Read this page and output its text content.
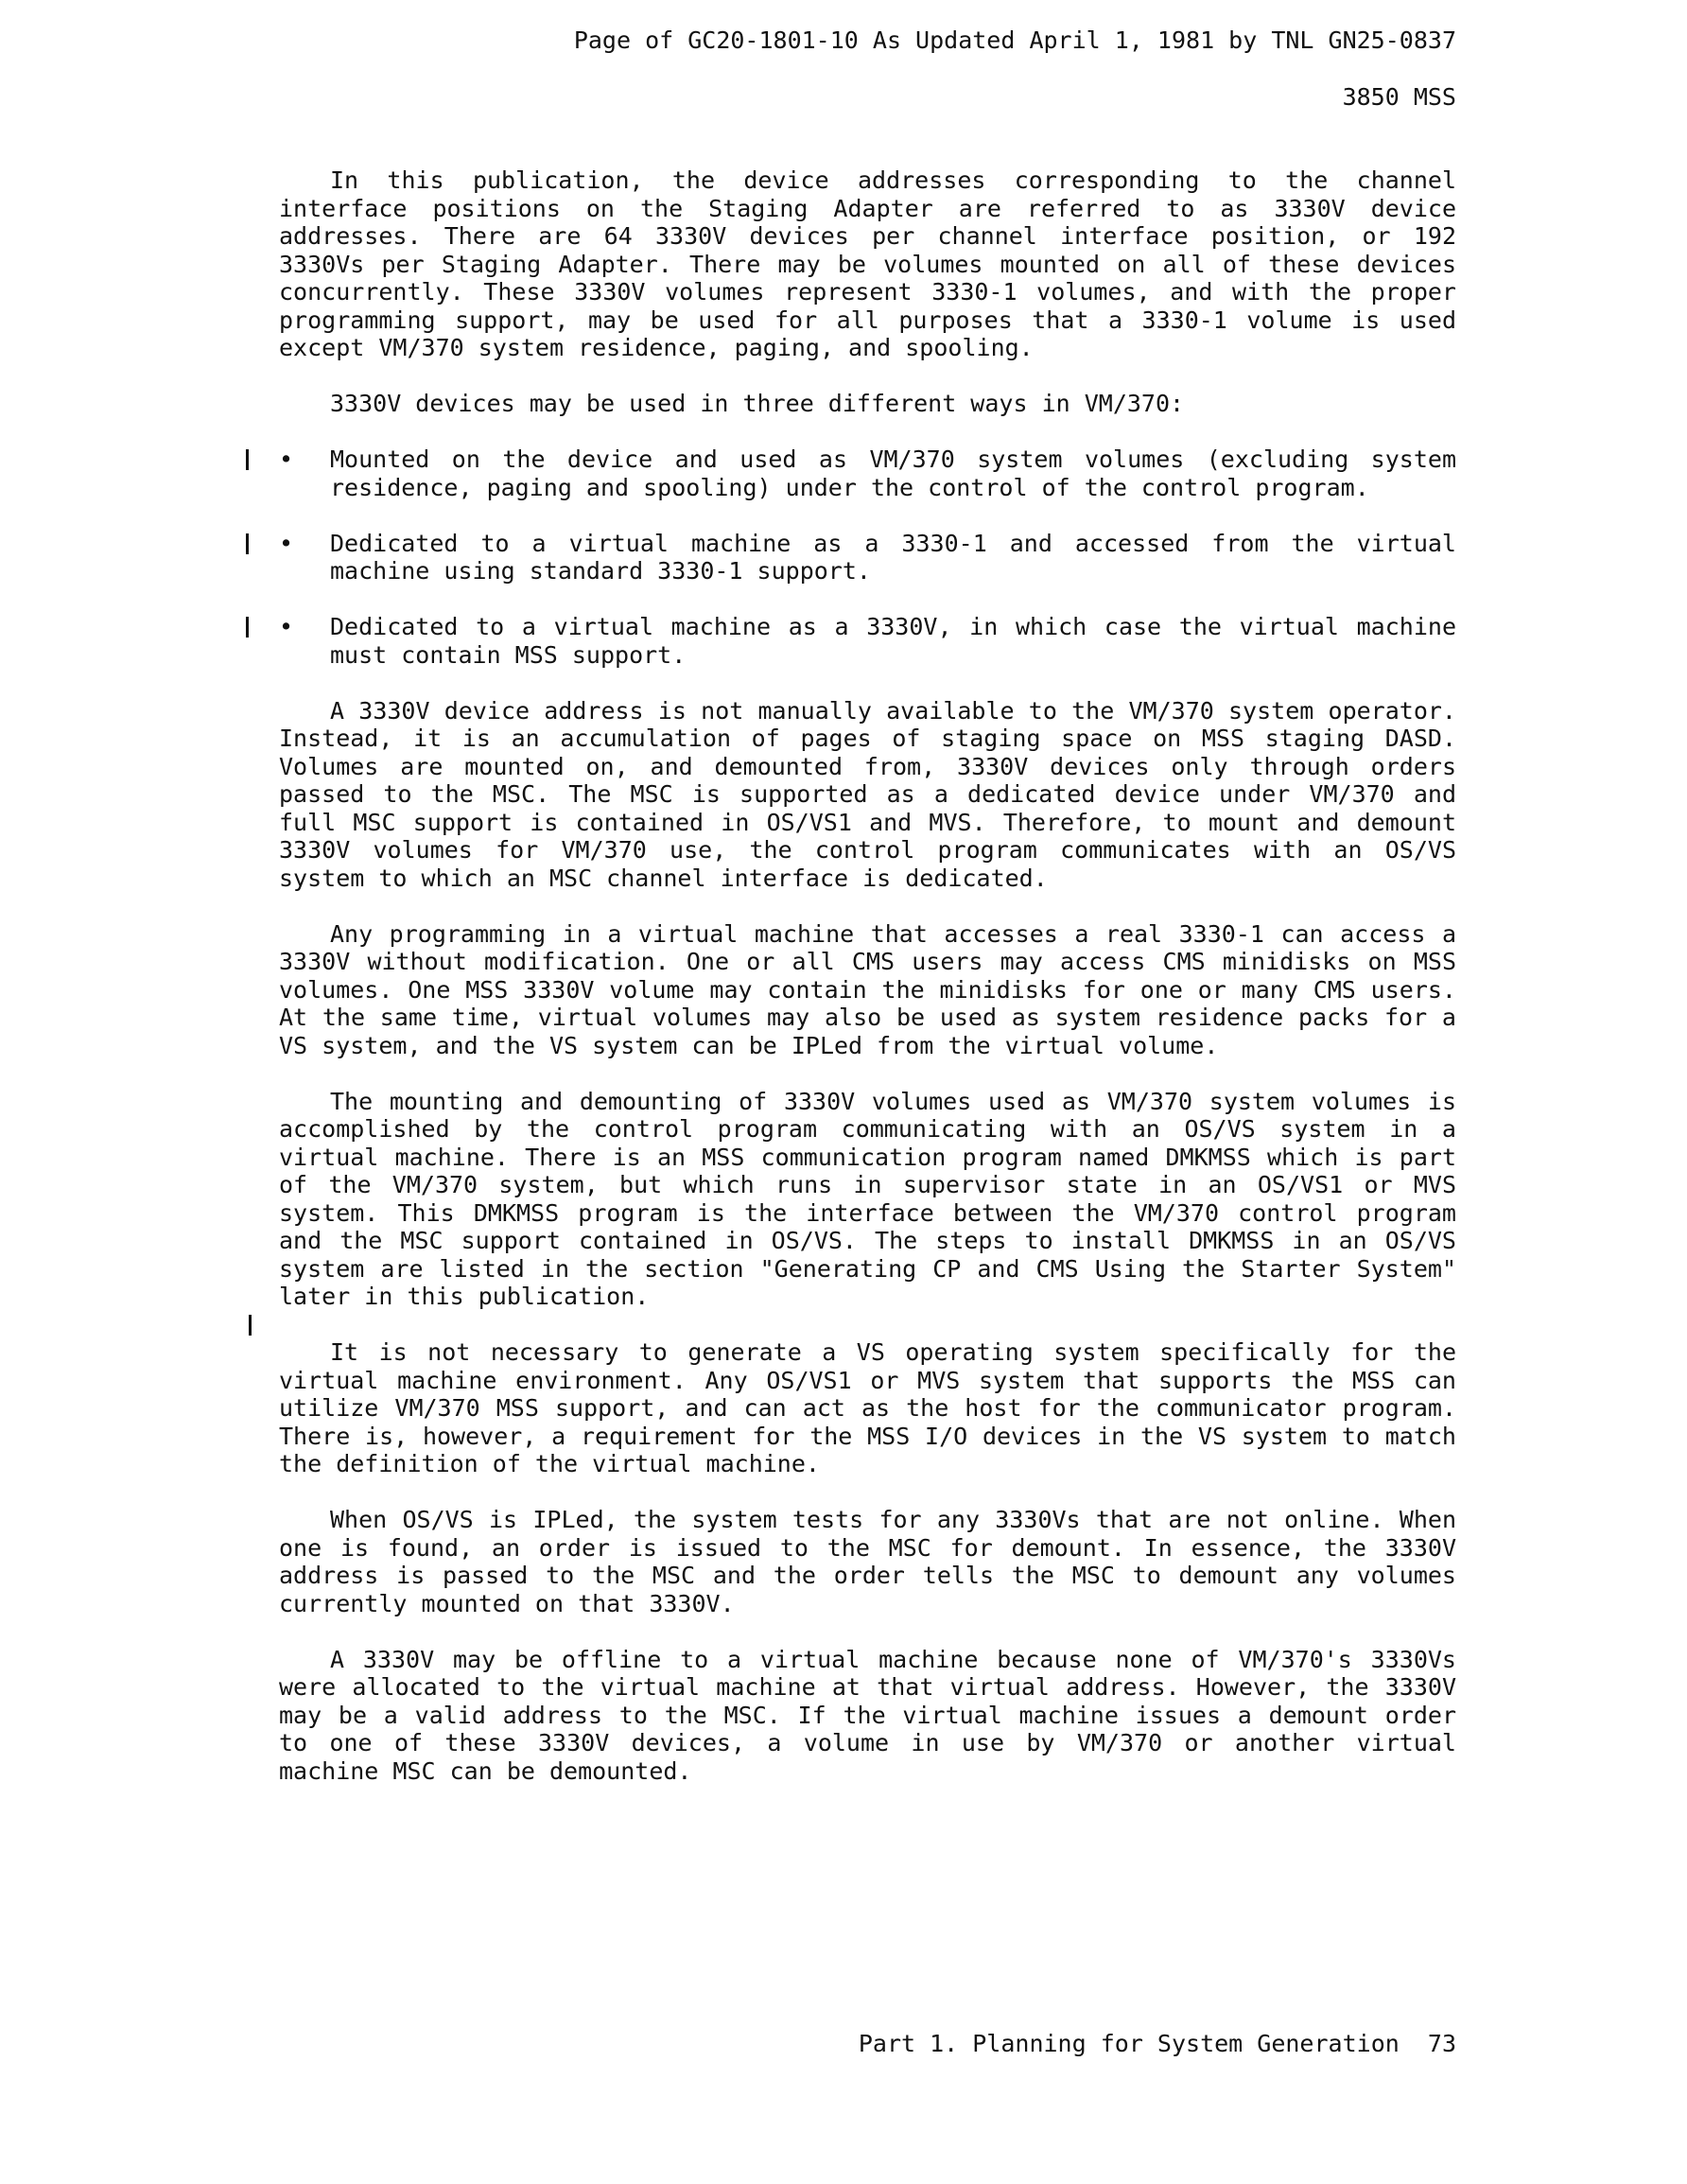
Page of GC20-1801-10 As Updated April 1, 1981 by TNL GN25-0837
3850 MSS

In this publication, the device addresses corresponding to the channel interface positions on the Staging Adapter are referred to as 3330V device addresses. There are 64 3330V devices per channel interface position, or 192 3330Vs per Staging Adapter. There may be volumes mounted on all of these devices concurrently. These 3330V volumes represent 3330-1 volumes, and with the proper programming support, may be used for all purposes that a 3330-1 volume is used except VM/370 system residence, paging, and spooling.

3330V devices may be used in three different ways in VM/370:

•	Mounted on the device and used as VM/370 system volumes (excluding system residence, paging and spooling) under the control of the control program.
•	Dedicated to a virtual machine as a 3330-1 and accessed from the virtual machine using standard 3330-1 support.
•	Dedicated to a virtual machine as a 3330V, in which case the virtual machine must contain MSS support.

A 3330V device address is not manually available to the VM/370 system operator. Instead, it is an accumulation of pages of staging space on MSS staging DASD. Volumes are mounted on, and demounted from, 3330V devices only through orders passed to the MSC. The MSC is supported as a dedicated device under VM/370 and full MSC support is contained in OS/VS1 and MVS. Therefore, to mount and demount 3330V volumes for VM/370 use, the control program communicates with an OS/VS system to which an MSC channel interface is dedicated.

Any programming in a virtual machine that accesses a real 3330-1 can access a 3330V without modification. One or all CMS users may access CMS minidisks on MSS volumes. One MSS 3330V volume may contain the minidisks for one or many CMS users. At the same time, virtual volumes may also be used as system residence packs for a VS system, and the VS system can be IPLed from the virtual volume.

The mounting and demounting of 3330V volumes used as VM/370 system volumes is accomplished by the control program communicating with an OS/VS system in a virtual machine. There is an MSS communication program named DMKMSS which is part of the VM/370 system, but which runs in supervisor state in an OS/VS1 or MVS system. This DMKMSS program is the interface between the VM/370 control program and the MSC support contained in OS/VS. The steps to install DMKMSS in an OS/VS system are listed in the section "Generating CP and CMS Using the Starter System" later in this publication.

It is not necessary to generate a VS operating system specifically for the virtual machine environment. Any OS/VS1 or MVS system that supports the MSS can utilize VM/370 MSS support, and can act as the host for the communicator program. There is, however, a requirement for the MSS I/O devices in the VS system to match the definition of the virtual machine.

When OS/VS is IPLed, the system tests for any 3330Vs that are not online. When one is found, an order is issued to the MSC for demount. In essence, the 3330V address is passed to the MSC and the order tells the MSC to demount any volumes currently mounted on that 3330V.

A 3330V may be offline to a virtual machine because none of VM/370's 3330Vs were allocated to the virtual machine at that virtual address. However, the 3330V may be a valid address to the MSC. If the virtual machine issues a demount order to one of these 3330V devices, a volume in use by VM/370 or another virtual machine MSC can be demounted.

Part 1. Planning for System Generation  73
